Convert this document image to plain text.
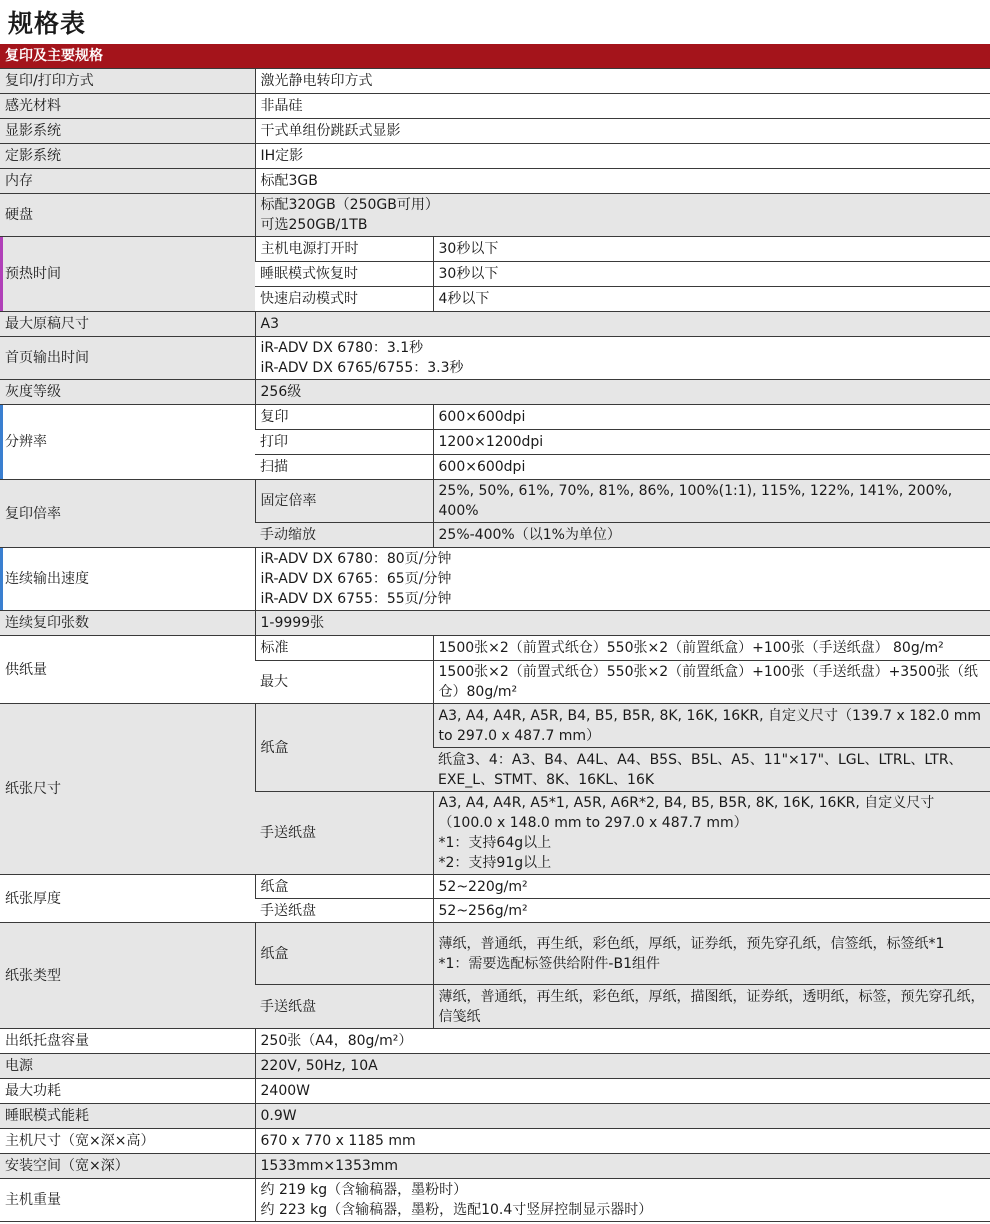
规格表
复印及主要规格
复印/打印方式	激光静电转印方式	
感光材料	非晶硅	
显影系统	干式单组份跳跃式显影	
定影系统	IH定影	
内存	标配3GB	
硬盘	标配320GB（250GB可用）
可选250GB/1TB	

预热时间	主机电源打开时	30秒以下
	睡眠模式恢复时	30秒以下
	快速启动模式时	4秒以下
最大原稿尺寸	A3	
首页输出时间	iR-ADV DX 6780：3.1秒
iR-ADV DX 6765/6755：3.3秒	

灰度等级	256级	
分辨率	复印	600×600dpi
	打印	1200×1200dpi
	扫描	600×600dpi
复印倍率	固定倍率	25%, 50%, 61%, 70%, 81%, 86%, 100%(1:1), 115%, 122%, 141%, 200%, 400%
	手动缩放	25%-400%（以1%为单位）
连续输出速度	iR-ADV DX 6780：80页/分钟
iR-ADV DX 6765：65页/分钟
iR-ADV DX 6755：55页/分钟	

连续复印张数	1-9999张	
供纸量	标准	1500张×2（前置式纸仓）550张×2（前置纸盒）+100张（手送纸盘） 80g/m²
	最大	1500张×2（前置式纸仓）550张×2（前置纸盒）+100张（手送纸盘）+3500张（纸仓）80g/m²
纸张尺寸	纸盒	A3, A4, A4R, A5R, B4, B5, B5R, 8K, 16K, 16KR, 自定义尺寸（139.7 x 182.0 mm to 297.0 x 487.7 mm）
		纸盒3、4：A3、B4、A4L、A4、B5S、B5L、A5、11"×17"、LGL、LTRL、LTR、EXE_L、STMT、8K、16KL、16K
	手送纸盘	A3, A4, A4R, A5*1, A5R, A6R*2, B4, B5, B5R, 8K, 16K, 16KR, 自定义尺寸（100.0 x 148.0 mm to 297.0 x 487.7 mm）
*1：支持64g以上
*2：支持91g以上

纸张厚度	纸盒	52~220g/m²
	手送纸盘	52~256g/m²
纸张类型	纸盒	薄纸，普通纸，再生纸，彩色纸，厚纸，证券纸，预先穿孔纸，信签纸，标签纸*1
*1：需要选配标签供给附件-B1组件

	手送纸盘	薄纸，普通纸，再生纸，彩色纸，厚纸，描图纸，证券纸，透明纸，标签，预先穿孔纸，信笺纸
出纸托盘容量	250张（A4，80g/m²）	
电源	220V, 50Hz, 10A	
最大功耗	2400W	
睡眠模式能耗	0.9W	
主机尺寸（宽×深×高）	670 x 770 x 1185 mm	
安装空间（宽×深）	1533mm×1353mm	
主机重量	约 219 kg（含输稿器，墨粉时）
约 223 kg（含输稿器，墨粉，选配10.4寸竖屏控制显示器时）	
